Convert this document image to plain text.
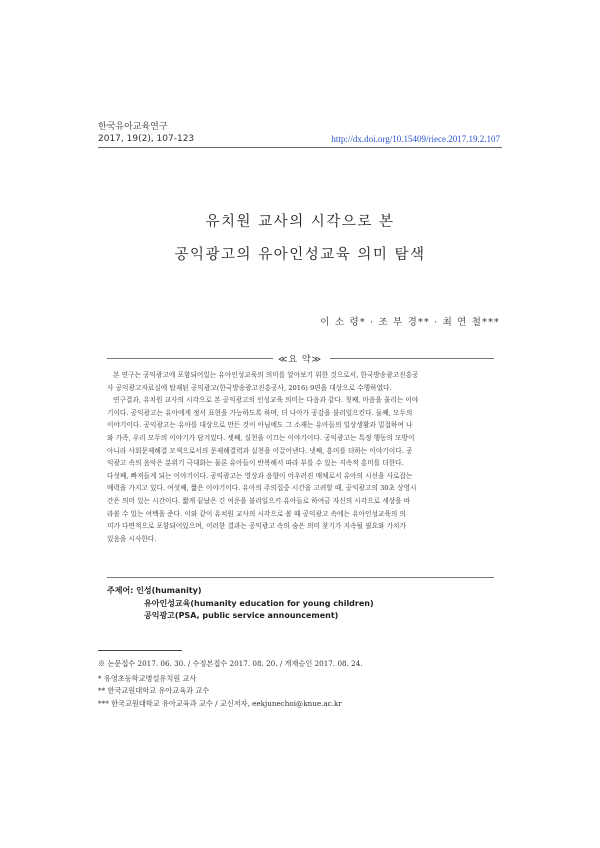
한국유아교육연구
2017, 19(2), 107-123	http://dx.doi.org/10.15409/riece.2017.19.2.107
유치원 교사의 시각으로 본
공익광고의 유아인성교육 의미 탐색
이 소 령* · 조 부 경** · 최 연 철***
≪요 약≫
본 연구는 공익광고에 포함되어있는 유아인성교육의 의미를 알아보기 위한 것으로서, 한국방송광고진흥공
사 공익광고자료실에 탑재된 공익광고(한국방송광고진흥공사, 2016) 9편을 대상으로 수행하였다.
연구결과, 유치원 교사의 시각으로 본 공익광고의 인성교육 의미는 다음과 같다. 첫째, 마음을 울리는 이야
기이다. 공익광고는 유아에게 정서 표현을 가능하도록 하며, 더 나아가 공감을 불러일으킨다. 둘째, 모두의
이야기이다. 공익광고는 유아를 대상으로 만든 것이 아님에도 그 소재는 유아들의 일상생활과 밀접하여 나
와 가족, 우리 모두의 이야기가 담겨있다. 셋째, 실천을 이끄는 이야기이다. 공익광고는 특정 행동의 모방이
아니라 사회문제해결 모색으로서의 문제해결력과 실천을 이끌어낸다. 넷째, 흥미를 더하는 이야기이다. 공
익광고 속의 음악은 분위기 극대화는 물론 유아들이 반복해서 따라 부를 수 있는 지속적 흥미를 더한다.
다섯째, 빠져들게 되는 이야기이다. 공익광고는 영상과 음향이 어우러진 매체로서 유아의 시선을 사로잡는
매력을 가지고 있다. 여섯째, 짧은 이야기이다. 유아의 주의집중 시간을 고려할 때, 공익광고의 30초 상영시
간은 의미 있는 시간이다. 짧게 끝났은 긴 여운을 불러일으키 유아들로 하여금 자신의 시각으로 세상을 바
라볼 수 있는 여백을 준다. 이와 같이 유치원 교사의 시각으로 볼 때 공익광고 속에는 유아인성교육의 의
미가 다면적으로 포함되어있으며, 이러한 결과는 공익광고 속의 숨은 의미 찾기가 지속될 필요와 가치가
있음을 시사한다.
주제어: 인성(humanity)
유아인성교육(humanity education for young children)
공익광고(PSA, public service announcement)
※ 논문접수 2017. 06. 30. / 수정본접수 2017. 08. 20. / 게재승인 2017. 08. 24.
* 유영초등학교병설유치원 교사
** 한국교원대학교 유아교육과 교수
*** 한국교원대학교 유아교육과 교수 / 교신저자, eekjunechoi@knue.ac.kr
